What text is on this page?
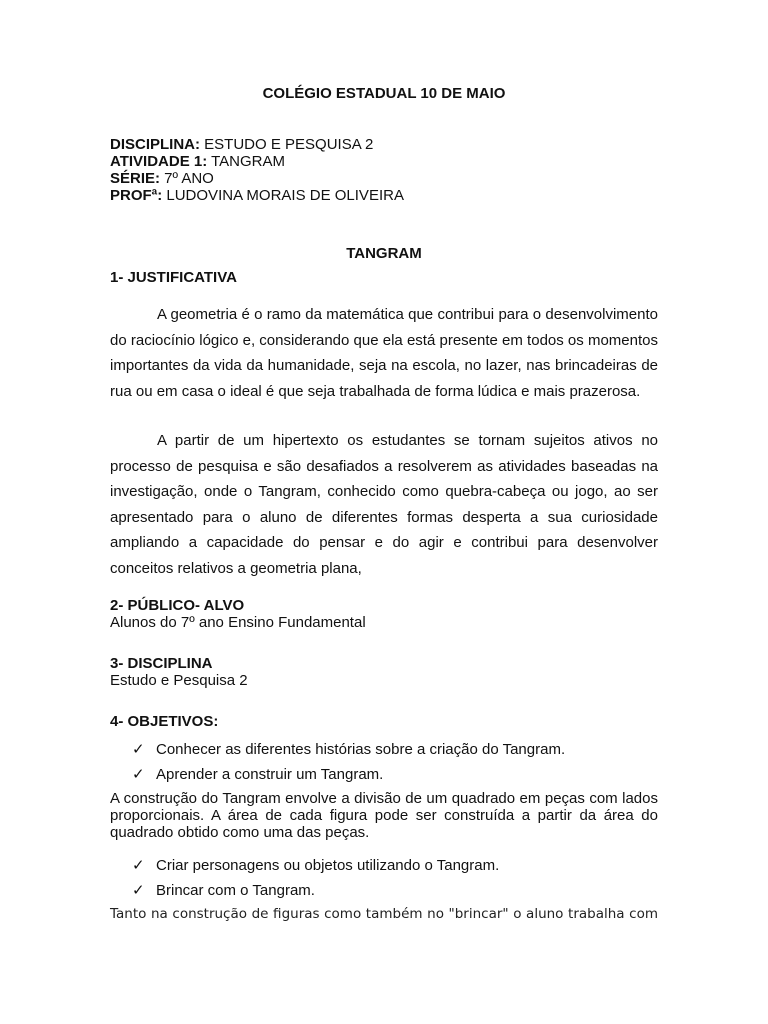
COLÉGIO ESTADUAL 10 DE MAIO
DISCIPLINA: ESTUDO E PESQUISA 2
ATIVIDADE 1: TANGRAM
SÉRIE: 7º ANO
PROFª: LUDOVINA MORAIS DE OLIVEIRA
TANGRAM
1- JUSTIFICATIVA
A geometria é o ramo da matemática que contribui para o desenvolvimento do raciocínio lógico e, considerando que ela está presente em todos os momentos importantes da vida da humanidade, seja na escola, no lazer, nas brincadeiras de rua ou em casa o ideal é que seja trabalhada de forma lúdica e mais prazerosa.
A partir de um hipertexto os estudantes se tornam sujeitos ativos no processo de pesquisa e são desafiados a resolverem as atividades baseadas na investigação, onde o Tangram, conhecido como quebra-cabeça ou jogo, ao ser apresentado para o aluno de diferentes formas desperta a sua curiosidade ampliando a capacidade do pensar e do agir e contribui para desenvolver conceitos relativos a geometria plana,
2- PÚBLICO- ALVO
Alunos do 7º ano Ensino Fundamental
3- DISCIPLINA
Estudo e Pesquisa 2
4- OBJETIVOS:
✓ Conhecer as diferentes histórias sobre a criação do Tangram.
✓ Aprender a construir um Tangram.
A construção do Tangram envolve a divisão de um quadrado em peças com lados proporcionais. A área de cada figura pode ser construída a partir da área do quadrado obtido como uma das peças.
✓ Criar personagens ou objetos utilizando o Tangram.
✓ Brincar com o Tangram.
Tanto na construção de figuras como também no "brincar" o aluno trabalha com
